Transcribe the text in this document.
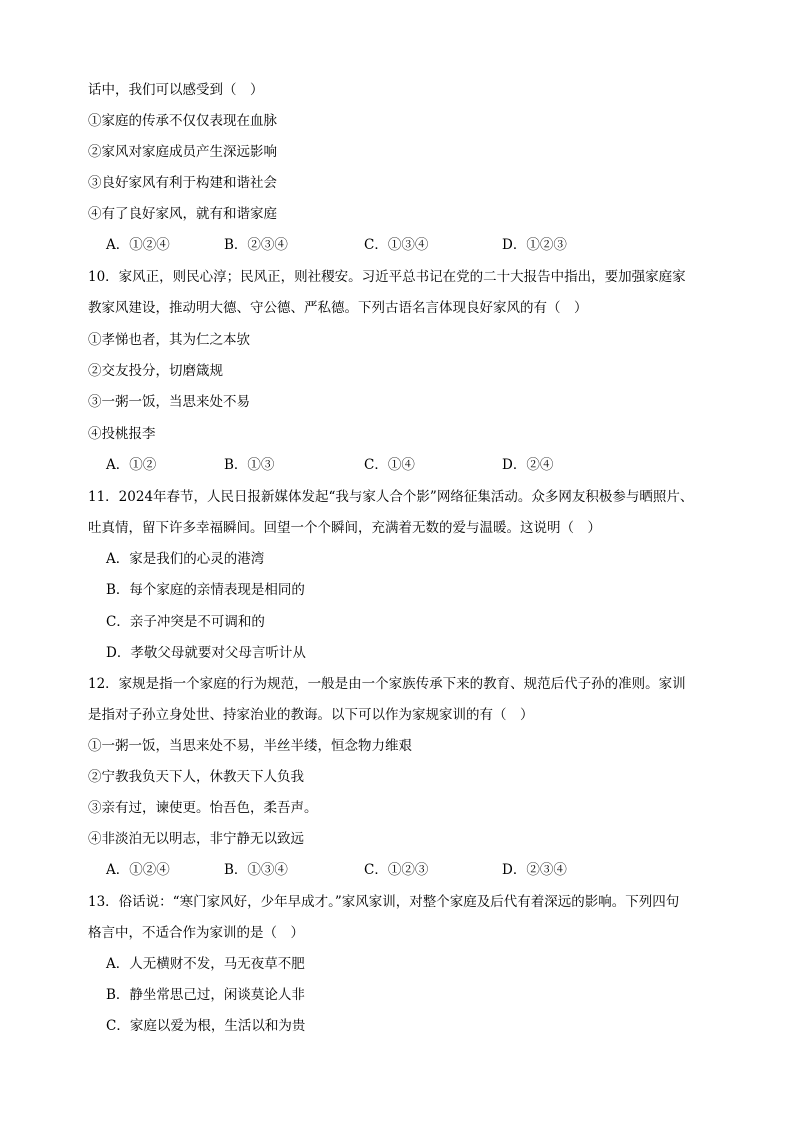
话中，我们可以感受到（　）
①家庭的传承不仅仅表现在血脉
②家风对家庭成员产生深远影响
③良好家风有利于构建和谐社会
④有了良好家风，就有和谐家庭
A．①②④	B．②③④	C．①③④	D．①②③
10．家风正，则民心淳；民风正，则社稷安。习近平总书记在党的二十大报告中指出，要加强家庭家
教家风建设，推动明大德、守公德、严私德。下列古语名言体现良好家风的有（　）
①孝悌也者，其为仁之本欤
②交友投分，切磨箴规
③一粥一饭，当思来处不易
④投桃报李
A．①②	B．①③	C．①④	D．②④
11．2024年春节，人民日报新媒体发起“我与家人合个影”网络征集活动。众多网友积极参与晒照片、
吐真情，留下许多幸福瞬间。回望一个个瞬间，充满着无数的爱与温暖。这说明（　）
A．家是我们的心灵的港湾
B．每个家庭的亲情表现是相同的
C．亲子冲突是不可调和的
D．孝敬父母就要对父母言听计从
12．家规是指一个家庭的行为规范，一般是由一个家族传承下来的教育、规范后代子孙的准则。家训
是指对子孙立身处世、持家治业的教诲。以下可以作为家规家训的有（　）
①一粥一饭，当思来处不易，半丝半缕，恒念物力维艰
②宁教我负天下人，休教天下人负我
③亲有过，谏使更。怡吾色，柔吾声。
④非淡泊无以明志，非宁静无以致远
A．①②④	B．①③④	C．①②③	D．②③④
13．俗话说：“寒门家风好，少年早成才。”家风家训，对整个家庭及后代有着深远的影响。下列四句
格言中，不适合作为家训的是（　）
A．人无横财不发，马无夜草不肥
B．静坐常思己过，闲谈莫论人非
C．家庭以爱为根，生活以和为贵
